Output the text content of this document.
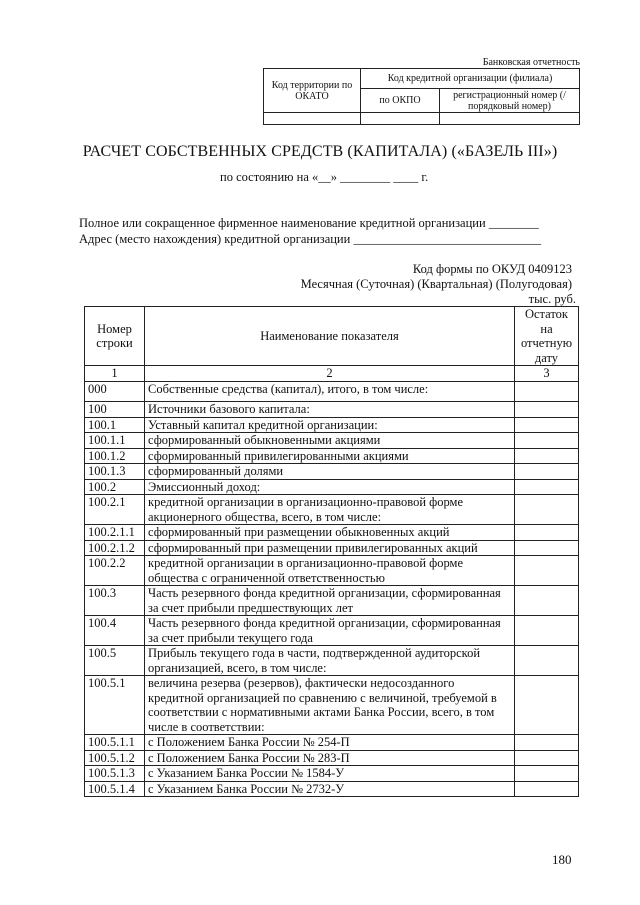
Банковская отчетность
Код территории по ОКАТО	Код кредитной организации (филиала)	
	по ОКПО	регистрационный номер (/порядковый номер)

РАСЧЕТ СОБСТВЕННЫХ СРЕДСТВ (КАПИТАЛА) («БАЗЕЛЬ III»)
по состоянию на «__» ________ ____ г.
Полное или сокращенное фирменное наименование кредитной организации ________
Адрес (место нахождения) кредитной организации ______________________________
Код формы по ОКУД 0409123
Месячная (Суточная) (Квартальная) (Полугодовая)
тыс. руб.
Номер строки	Наименование показателя	Остаток на отчетную дату
1	2	3
000	Собственные средства (капитал), итого, в том числе:	
100	Источники базового капитала:	
100.1	Уставный капитал кредитной организации:	
100.1.1	сформированный обыкновенными акциями	
100.1.2	сформированный привилегированными акциями	
100.1.3	сформированный долями	
100.2	Эмиссионный доход:	
100.2.1	кредитной организации в организационно-правовой форме акционерного общества, всего, в том числе:	
100.2.1.1	сформированный при размещении обыкновенных акций	
100.2.1.2	сформированный при размещении привилегированных акций	
100.2.2	кредитной организации в организационно-правовой форме общества с ограниченной ответственностью	
100.3	Часть резервного фонда кредитной организации, сформированная за счет прибыли предшествующих лет	
100.4	Часть резервного фонда кредитной организации, сформированная за счет прибыли текущего года	
100.5	Прибыль текущего года в части, подтвержденной аудиторской организацией, всего, в том числе:	
100.5.1	величина резерва (резервов), фактически недосозданного кредитной организацией по сравнению с величиной, требуемой в соответствии с нормативными актами Банка России, всего, в том числе в соответствии:	
100.5.1.1	с Положением Банка России № 254-П	
100.5.1.2	с Положением Банка России № 283-П	
100.5.1.3	с Указанием Банка России № 1584-У	
100.5.1.4	с Указанием Банка России № 2732-У	
180
